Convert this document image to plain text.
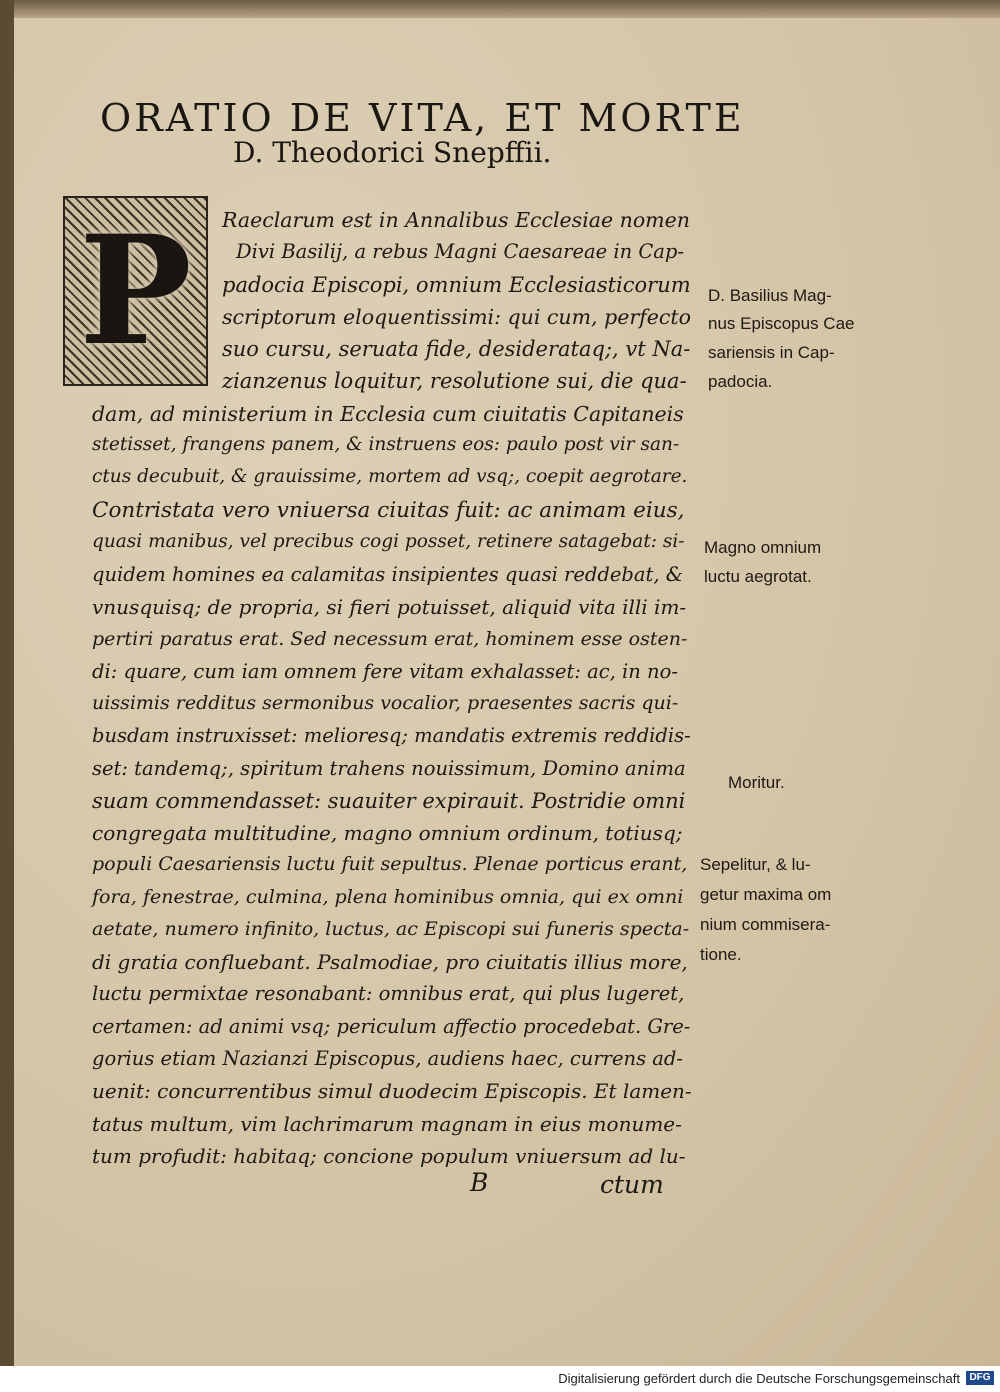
ORATIO DE VITA, ET MORTE
D. Theodorici Snepffii.
P	Raeclarum est in Annalibus Ecclesiae nomen
Divi Basilij, a rebus Magni Caesareae in Cap-
padocia Episcopi, omnium Ecclesiasticorum
scriptorum eloquentissimi: qui cum, perfecto
suo cursu, seruata fide, desiderataq;, vt Na-
zianzenus loquitur, resolutione sui, die qua-
dam, ad ministerium in Ecclesia cum ciuitatis Capitaneis
stetisset, frangens panem, & instruens eos: paulo post vir san-
ctus decubuit, & grauissime, mortem ad vsq;, coepit aegrotare.
Contristata vero vniuersa ciuitas fuit: ac animam eius,
quasi manibus, vel precibus cogi posset, retinere satagebat: si-
quidem homines ea calamitas insipientes quasi reddebat, &
vnusquisq; de propria, si fieri potuisset, aliquid vita illi im-
pertiri paratus erat. Sed necessum erat, hominem esse osten-
di: quare, cum iam omnem fere vitam exhalasset: ac, in no-
uissimis redditus sermonibus vocalior, praesentes sacris qui-
busdam instruxisset: melioresq; mandatis extremis reddidis-
set: tandemq;, spiritum trahens nouissimum, Domino anima
suam commendasset: suauiter expirauit. Postridie omni
congregata multitudine, magno omnium ordinum, totiusq;
populi Caesariensis luctu fuit sepultus. Plenae porticus erant,
fora, fenestrae, culmina, plena hominibus omnia, qui ex omni
aetate, numero infinito, luctus, ac Episcopi sui funeris specta-
di gratia confluebant. Psalmodiae, pro ciuitatis illius more,
luctu permixtae resonabant: omnibus erat, qui plus lugeret,
certamen: ad animi vsq; periculum affectio procedebat. Gre-
gorius etiam Nazianzi Episcopus, audiens haec, currens ad-
uenit: concurrentibus simul duodecim Episcopis. Et lamen-
tatus multum, vim lachrimarum magnam in eius monume-
tum profudit: habitaq; concione populum vniuersum ad lu-
D. Basilius Mag-
nus Episcopus Cae
sariensis in Cap-
padocia.
Magno omnium
luctu aegrotat.
Moritur.
Sepelitur, & lu-
getur maxima om
nium commisera-
tione.
B	ctum
Digitalisierung gefördert durch die Deutsche Forschungsgemeinschaft DFG
